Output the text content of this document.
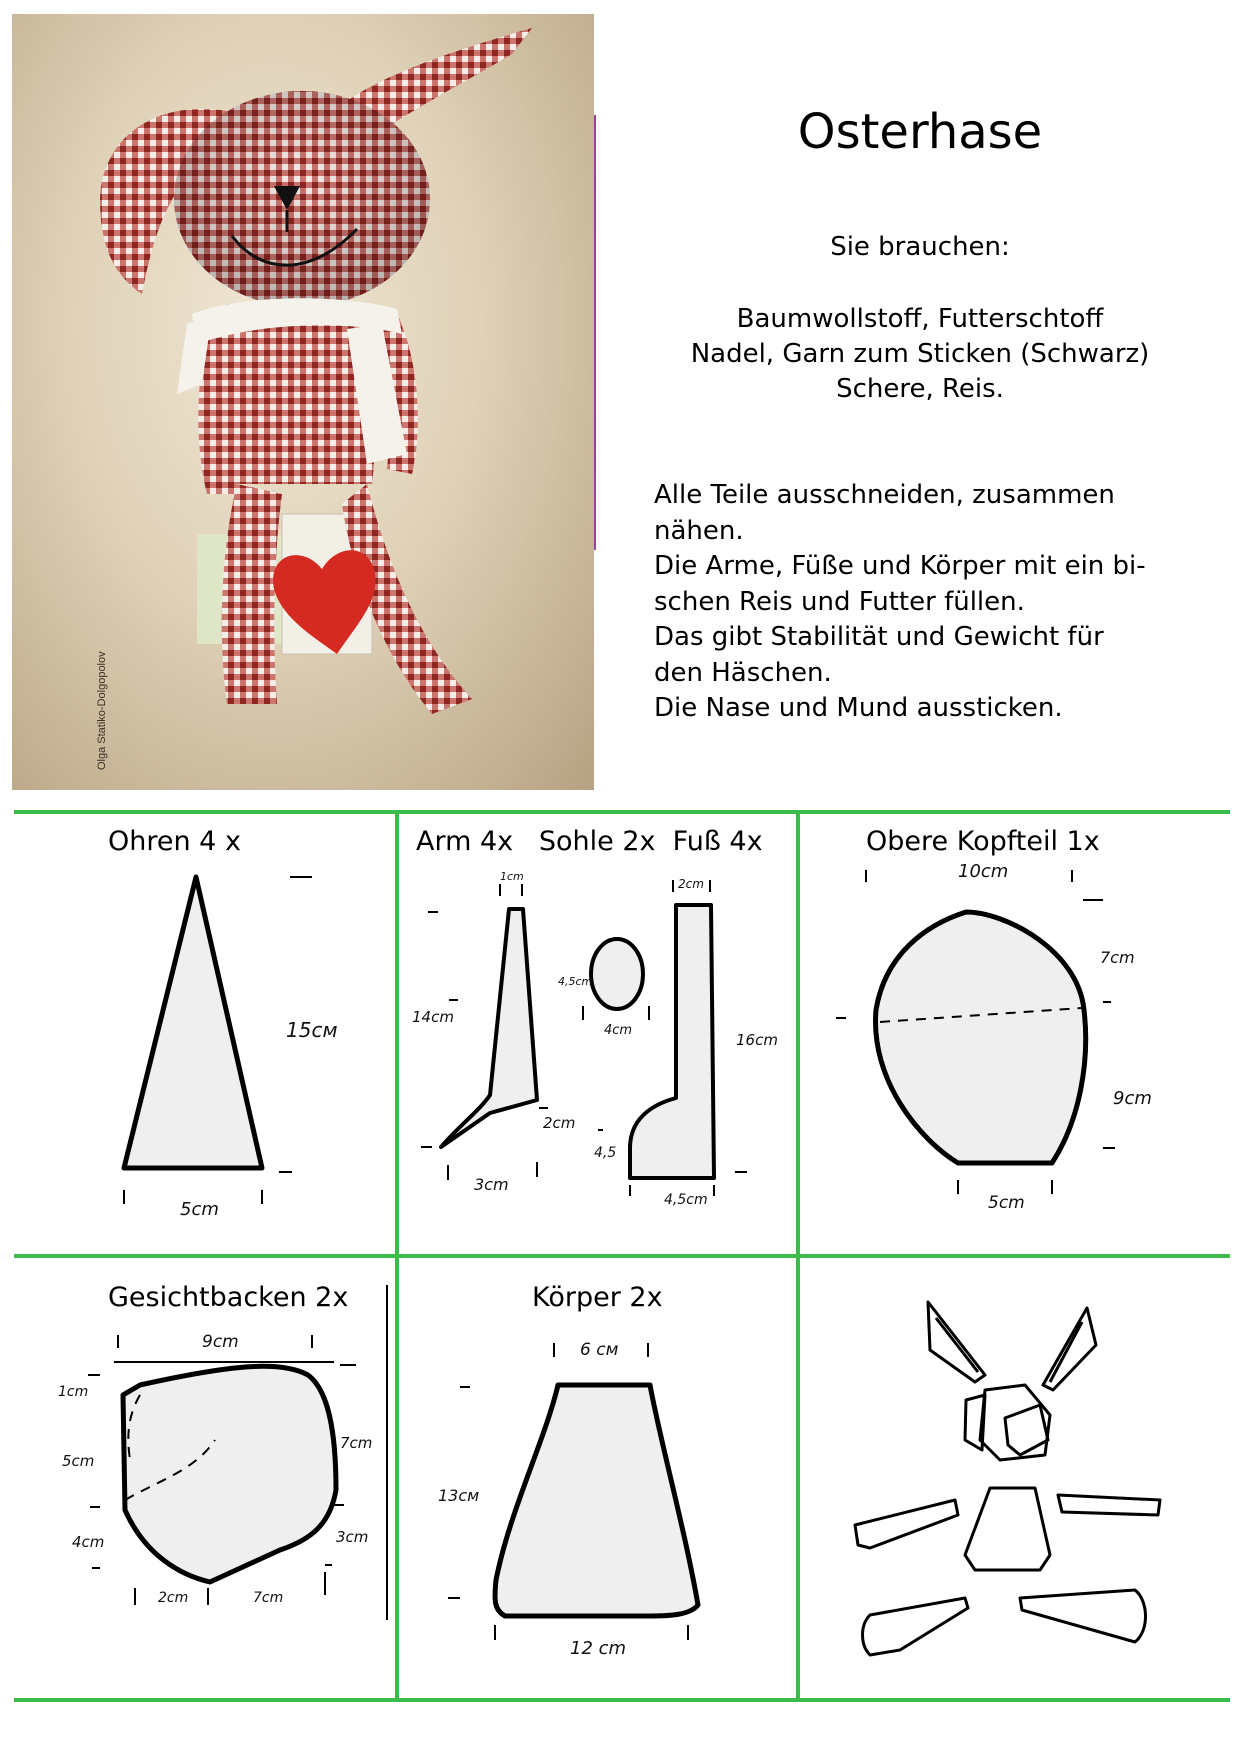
Olga Statiko-Dolgopolov
Osterhase
Sie brauchen:
Baumwollstoff, Futterschtoff
Nadel, Garn zum Sticken (Schwarz)
Schere, Reis.
Alle Teile ausschneiden, zusammen
nähen.
Die Arme, Füße und Körper mit ein bi-
schen Reis und Futter füllen.
Das gibt Stabilität und Gewicht für
den Häschen.
Die Nase und Mund aussticken.
Ohren 4 x	Arm 4x   Sohle 2x  Fuß 4x	Obere Kopfteil 1x
Gesichtbacken 2x	Körper 2x
15cм
5cm
1cm
14cm
2cm
3cm
4,5cm
4cm
2cm
16cm
4,5
4,5cm
10cm
7cm
9cm
5cm
9cm
1cm
7cm
5cm
3cm
4cm
2cm	7cm
6 cм
13cм
12 cm
